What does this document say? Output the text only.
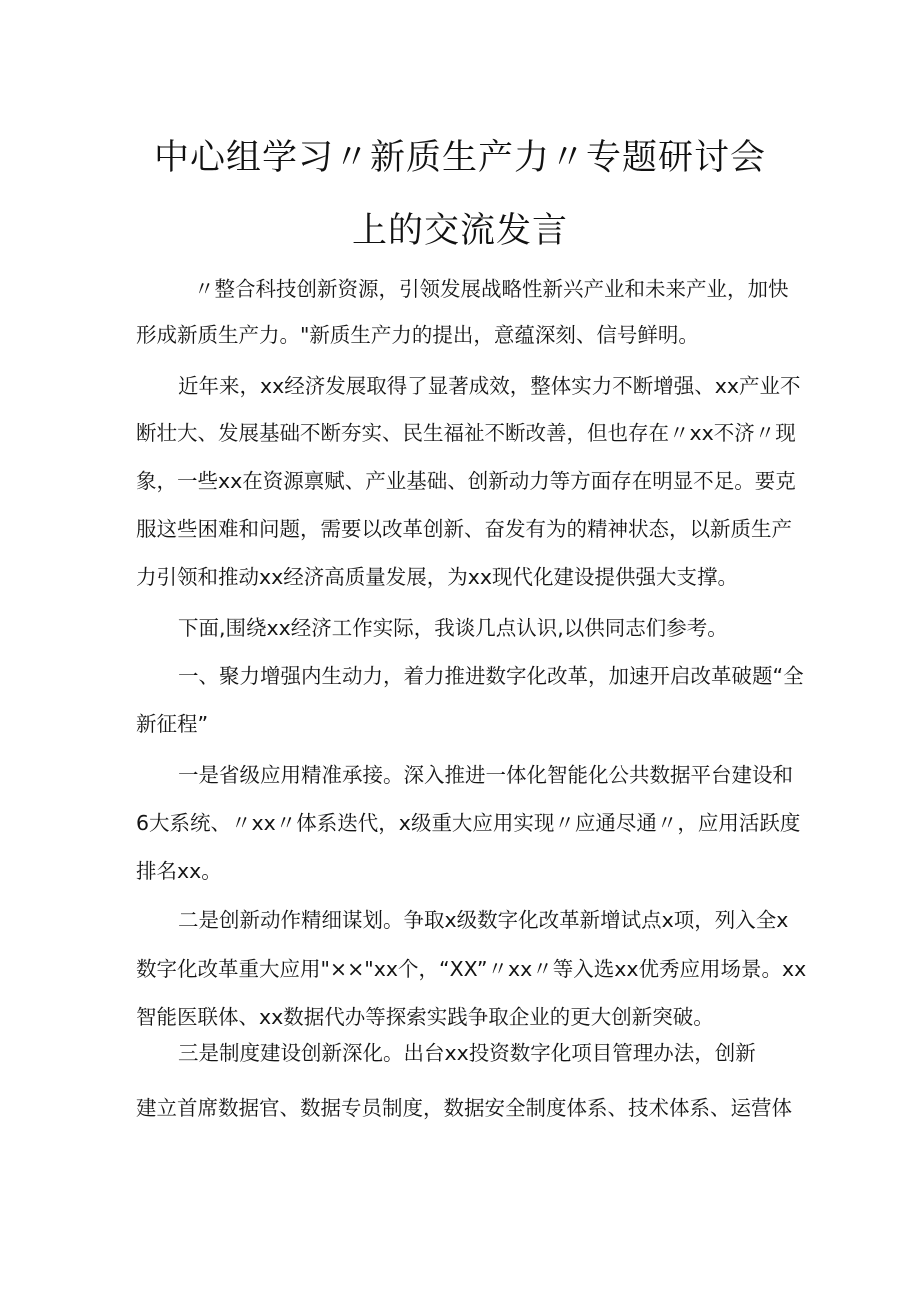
中心组学习〃新质生产力〃专题研讨会
上的交流发言
〃整合科技创新资源，引领发展战略性新兴产业和未来产业，加快
形成新质生产力。"新质生产力的提出，意蕴深刻、信号鲜明。
近年来，xx经济发展取得了显著成效，整体实力不断增强、xx产业不
断壮大、发展基础不断夯实、民生福祉不断改善，但也存在〃xx不济〃现
象，一些xx在资源禀赋、产业基础、创新动力等方面存在明显不足。要克
服这些困难和问题，需要以改革创新、奋发有为的精神状态，以新质生产
力引领和推动xx经济高质量发展，为xx现代化建设提供强大支撑。
下面,围绕xx经济工作实际，我谈几点认识,以供同志们参考。
一、聚力增强内生动力，着力推进数字化改革，加速开启改革破题“全
新征程”
一是省级应用精准承接。深入推进一体化智能化公共数据平台建设和
6大系统、〃xx〃体系迭代，x级重大应用实现〃应通尽通〃，应用活跃度
排名xx。
二是创新动作精细谋划。争取x级数字化改革新增试点x项，列入全x
数字化改革重大应用"××"xx个，“XX”〃xx〃等入选xx优秀应用场景。xx
智能医联体、xx数据代办等探索实践争取企业的更大创新突破。
三是制度建设创新深化。出台xx投资数字化项目管理办法，创新
建立首席数据官、数据专员制度，数据安全制度体系、技术体系、运营体
